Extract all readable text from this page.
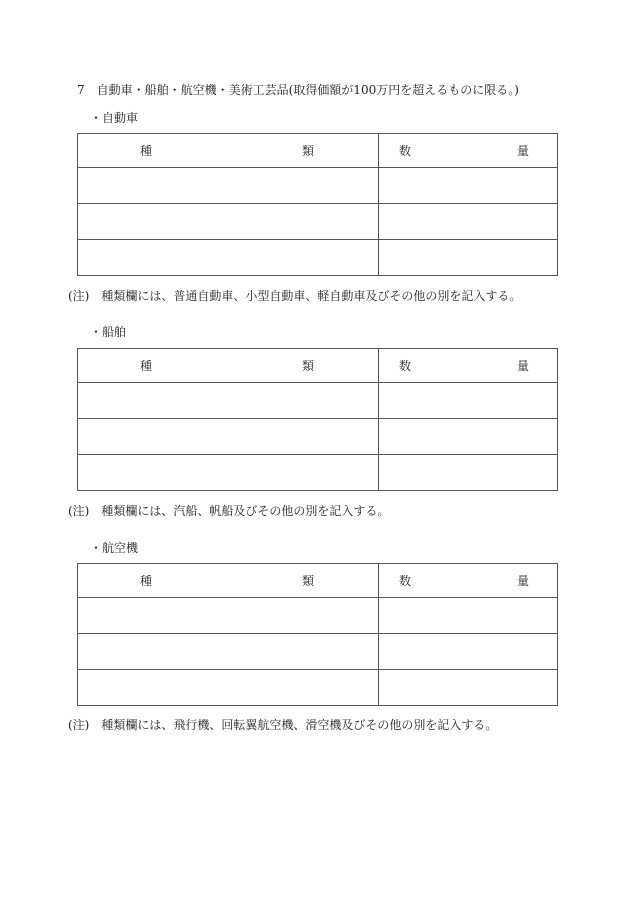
7　自動車・船舶・航空機・美術工芸品(取得価額が100万円を超えるものに限る。)
・自動車
種 類	数 量

(注)　種類欄には、普通自動車、小型自動車、軽自動車及びその他の別を記入する。
・船舶
種 類	数 量

(注)　種類欄には、汽船、帆船及びその他の別を記入する。
・航空機
種 類	数 量

(注)　種類欄には、飛行機、回転翼航空機、滑空機及びその他の別を記入する。
